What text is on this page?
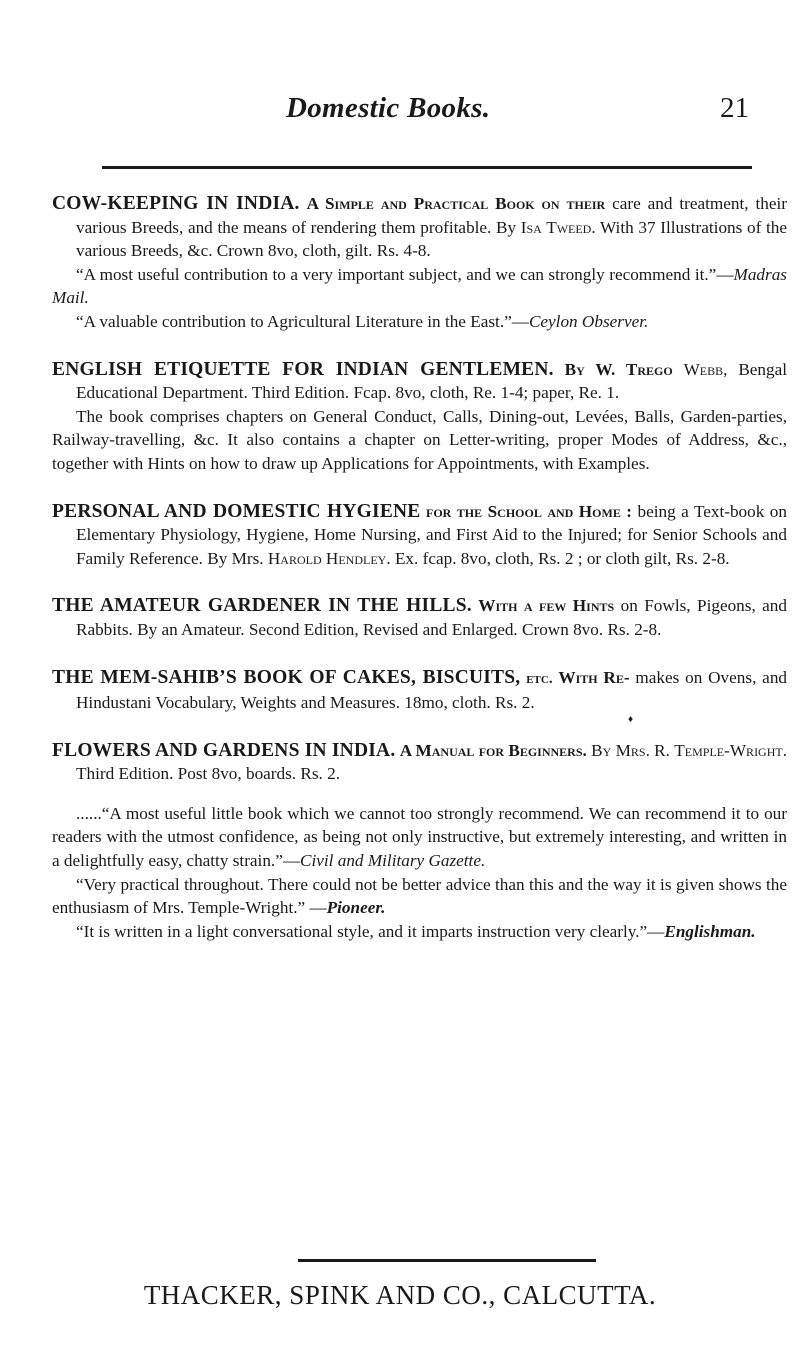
Domestic Books.	21

COW-KEEPING IN INDIA. A Simple and Practical Book on their care and treatment, their various Breeds, and the means of rendering them profitable. By Isa Tweed. With 37 Illustrations of the various Breeds, &c. Crown 8vo, cloth, gilt. Rs. 4-8.

“A most useful contribution to a very important subject, and we can strongly recommend it.”—Madras Mail.

“A valuable contribution to Agricultural Literature in the East.”—Ceylon Observer.

ENGLISH ETIQUETTE FOR INDIAN GENTLEMEN. By W. Trego Webb, Bengal Educational Department. Third Edition. Fcap. 8vo, cloth, Re. 1-4; paper, Re. 1.

The book comprises chapters on General Conduct, Calls, Dining-out, Levées, Balls, Garden-parties, Railway-travelling, &c. It also contains a chapter on Letter-writing, proper Modes of Address, &c., together with Hints on how to draw up Applications for Appointments, with Examples.

PERSONAL AND DOMESTIC HYGIENE for the School and Home : being a Text-book on Elementary Physiology, Hygiene, Home Nursing, and First Aid to the Injured; for Senior Schools and Family Reference. By Mrs. Harold Hendley. Ex. fcap. 8vo, cloth, Rs. 2 ; or cloth gilt, Rs. 2-8.

THE AMATEUR GARDENER IN THE HILLS. With a few Hints on Fowls, Pigeons, and Rabbits. By an Amateur. Second Edition, Revised and Enlarged. Crown 8vo. Rs. 2-8.

THE MEM-SAHIB’S BOOK OF CAKES, BISCUITS, etc. With Re- makes on Ovens, and Hindustani Vocabulary, Weights and Measures. 18mo, cloth. Rs. 2.

♦

FLOWERS AND GARDENS IN INDIA. A Manual for Beginners. By Mrs. R. Temple-Wright. Third Edition. Post 8vo, boards. Rs. 2.

......“A most useful little book which we cannot too strongly recommend. We can recommend it to our readers with the utmost confidence, as being not only instructive, but extremely interesting, and written in a delightfully easy, chatty strain.”—Civil and Military Gazette.

“Very practical throughout. There could not be better advice than this and the way it is given shows the enthusiasm of Mrs. Temple-Wright.” —Pioneer.

“It is written in a light conversational style, and it imparts instruction very clearly.”—Englishman.

THACKER, SPINK AND CO., CALCUTTA.
